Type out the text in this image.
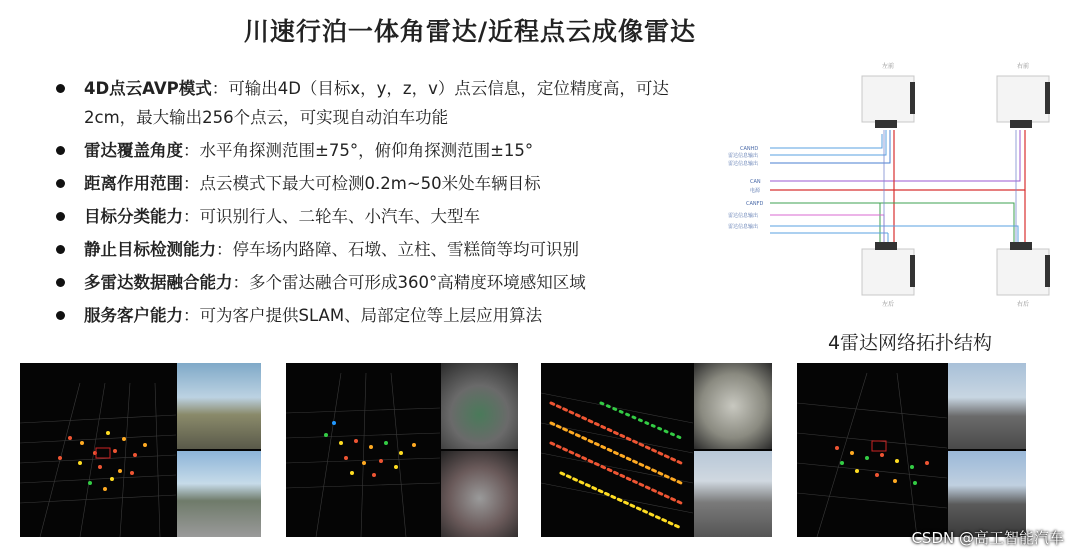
川速行泊一体角雷达/近程点云成像雷达
4D点云AVP模式：可输出4D（目标x，y，z，v）点云信息，定位精度高，可达2cm，最大输出256个点云，可实现自动泊车功能
雷达覆盖角度：水平角探测范围±75°，俯仰角探测范围±15°
距离作用范围：点云模式下最大可检测0.2m~50米处车辆目标
目标分类能力：可识别行人、二轮车、小汽车、大型车
静止目标检测能力：停车场内路障、石墩、立柱、雪糕筒等均可识别
多雷达数据融合能力：多个雷达融合可形成360°高精度环境感知区域
服务客户能力：可为客户提供SLAM、局部定位等上层应用算法
CANHD
雷达信息输出
雷达信息输出
CAN
电源
CANFD
雷达信息输出
雷达信息输出
左前	右前
左后	右后
4雷达网络拓扑结构
CSDN @高工智能汽车
